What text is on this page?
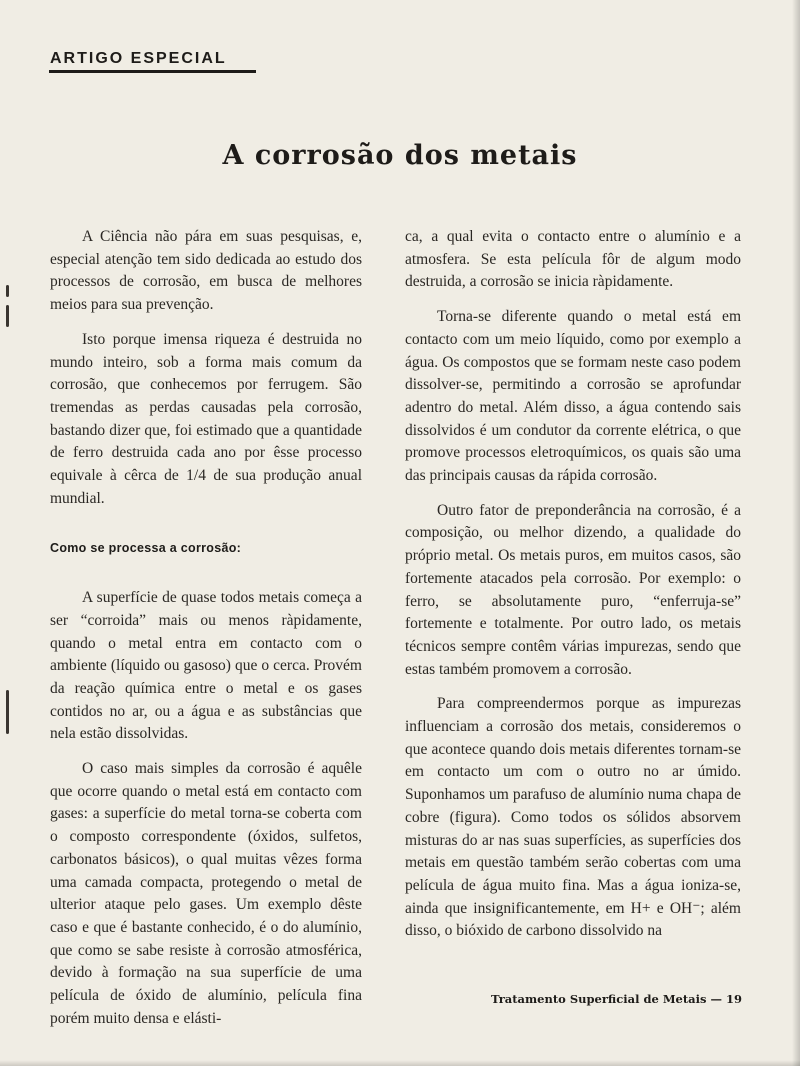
ARTIGO ESPECIAL
A corrosão dos metais

A Ciência não pára em suas pesquisas, e, especial atenção tem sido dedicada ao estudo dos processos de corrosão, em busca de melhores meios para sua prevenção.

Isto porque imensa riqueza é destruida no mundo inteiro, sob a forma mais comum da corrosão, que conhecemos por ferrugem. São tremendas as perdas causadas pela corrosão, bastando dizer que, foi estimado que a quantidade de ferro destruida cada ano por êsse processo equivale à cêrca de 1/4 de sua produção anual mundial.

Como se processa a corrosão:

A superfície de quase todos metais começa a ser “corroida” mais ou menos ràpidamente, quando o metal entra em contacto com o ambiente (líquido ou gasoso) que o cerca. Provém da reação química entre o metal e os gases contidos no ar, ou a água e as substâncias que nela estão dissolvidas.

O caso mais simples da corrosão é aquêle que ocorre quando o metal está em contacto com gases: a superfície do metal torna-se coberta com o composto correspondente (óxidos, sulfetos, carbonatos básicos), o qual muitas vêzes forma uma camada compacta, protegendo o metal de ulterior ataque pelo gases. Um exemplo dêste caso e que é bastante conhecido, é o do alumínio, que como se sabe resiste à corrosão atmosférica, devido à formação na sua superfície de uma película de óxido de alumínio, película fina porém muito densa e elásti-

ca, a qual evita o contacto entre o alumínio e a atmosfera. Se esta película fôr de algum modo destruida, a corrosão se inicia ràpidamente.

Torna-se diferente quando o metal está em contacto com um meio líquido, como por exemplo a água. Os compostos que se formam neste caso podem dissolver-se, permitindo a corrosão se aprofundar adentro do metal. Além disso, a água contendo sais dissolvidos é um condutor da corrente elétrica, o que promove processos eletroquímicos, os quais são uma das principais causas da rápida corrosão.

Outro fator de preponderância na corrosão, é a composição, ou melhor dizendo, a qualidade do próprio metal. Os metais puros, em muitos casos, são fortemente atacados pela corrosão. Por exemplo: o ferro, se absolutamente puro, “enferruja-se” fortemente e totalmente. Por outro lado, os metais técnicos sempre contêm várias impurezas, sendo que estas também promovem a corrosão.

Para compreendermos porque as impurezas influenciam a corrosão dos metais, consideremos o que acontece quando dois metais diferentes tornam-se em contacto um com o outro no ar úmido. Suponhamos um parafuso de alumínio numa chapa de cobre (figura). Como todos os sólidos absorvem misturas do ar nas suas superfícies, as superfícies dos metais em questão também serão cobertas com uma película de água muito fina. Mas a água ioniza-se, ainda que insignificantemente, em H+ e OH⁻; além disso, o bióxido de carbono dissolvido na

Tratamento Superficial de Metais — 19
